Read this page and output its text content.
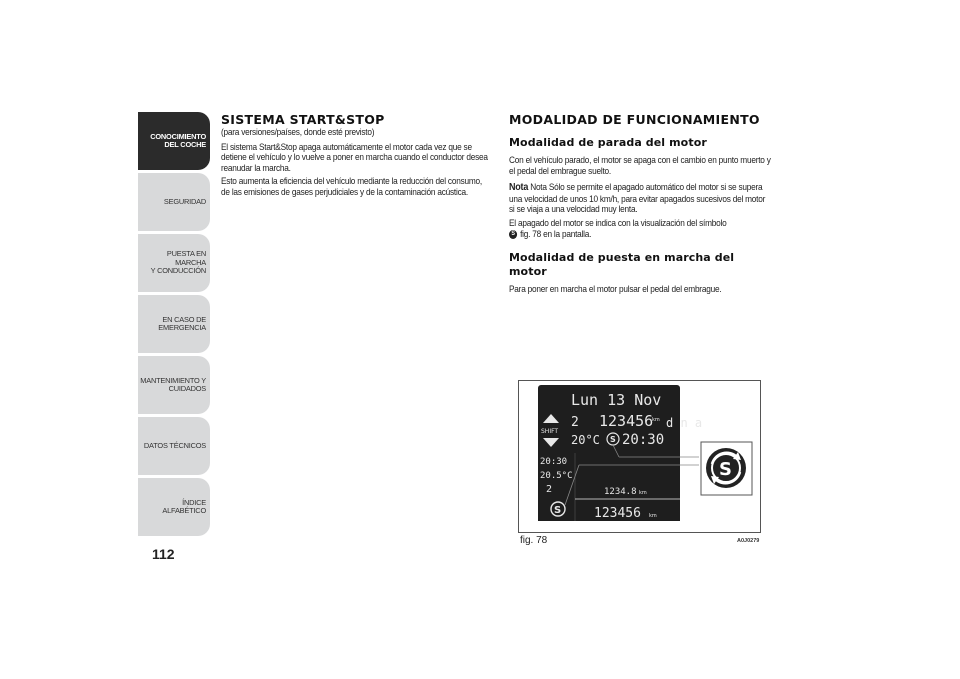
CONOCIMIENTO
DEL COCHE
SEGURIDAD
PUESTA EN MARCHA
Y CONDUCCIÓN
EN CASO DE
EMERGENCIA
MANTENIMIENTO Y
CUIDADOS
DATOS TÉCNICOS
ÍNDICE ALFABÉTICO
112
SISTEMA START&STOP

(para versiones/países, donde esté previsto)

El sistema Start&Stop apaga automáticamente el motor cada vez que se detiene el vehículo y lo vuelve a poner en marcha cuando el conductor desea reanudar la marcha.

Esto aumenta la eficiencia del vehículo mediante la reducción del consumo, de las emisiones de gases perjudiciales y de la contaminación acústica.

MODALIDAD DE FUNCIONAMIENTO
Modalidad de parada del motor

Con el vehículo parado, el motor se apaga con el cambio en punto muerto y el pedal del embrague suelto.

Nota Nota Sólo se permite el apagado automático del motor si se supera una velocidad de unos 10 km/h, para evitar apagados sucesivos del motor si se viaja a una velocidad muy lenta.

El apagado del motor se indica con la visualización del símbolo
S fig. 78 en la pantalla.

Modalidad de puesta en marcha del motor

Para poner en marcha el motor pulsar el pedal del embrague.

Lun 13 Nov
SHIFT
2 123456
km d n a
20°C S 20:30
20:30
20.5°C
2
S
1234.8 km
123456 km
S
fig. 78	A0J0279
